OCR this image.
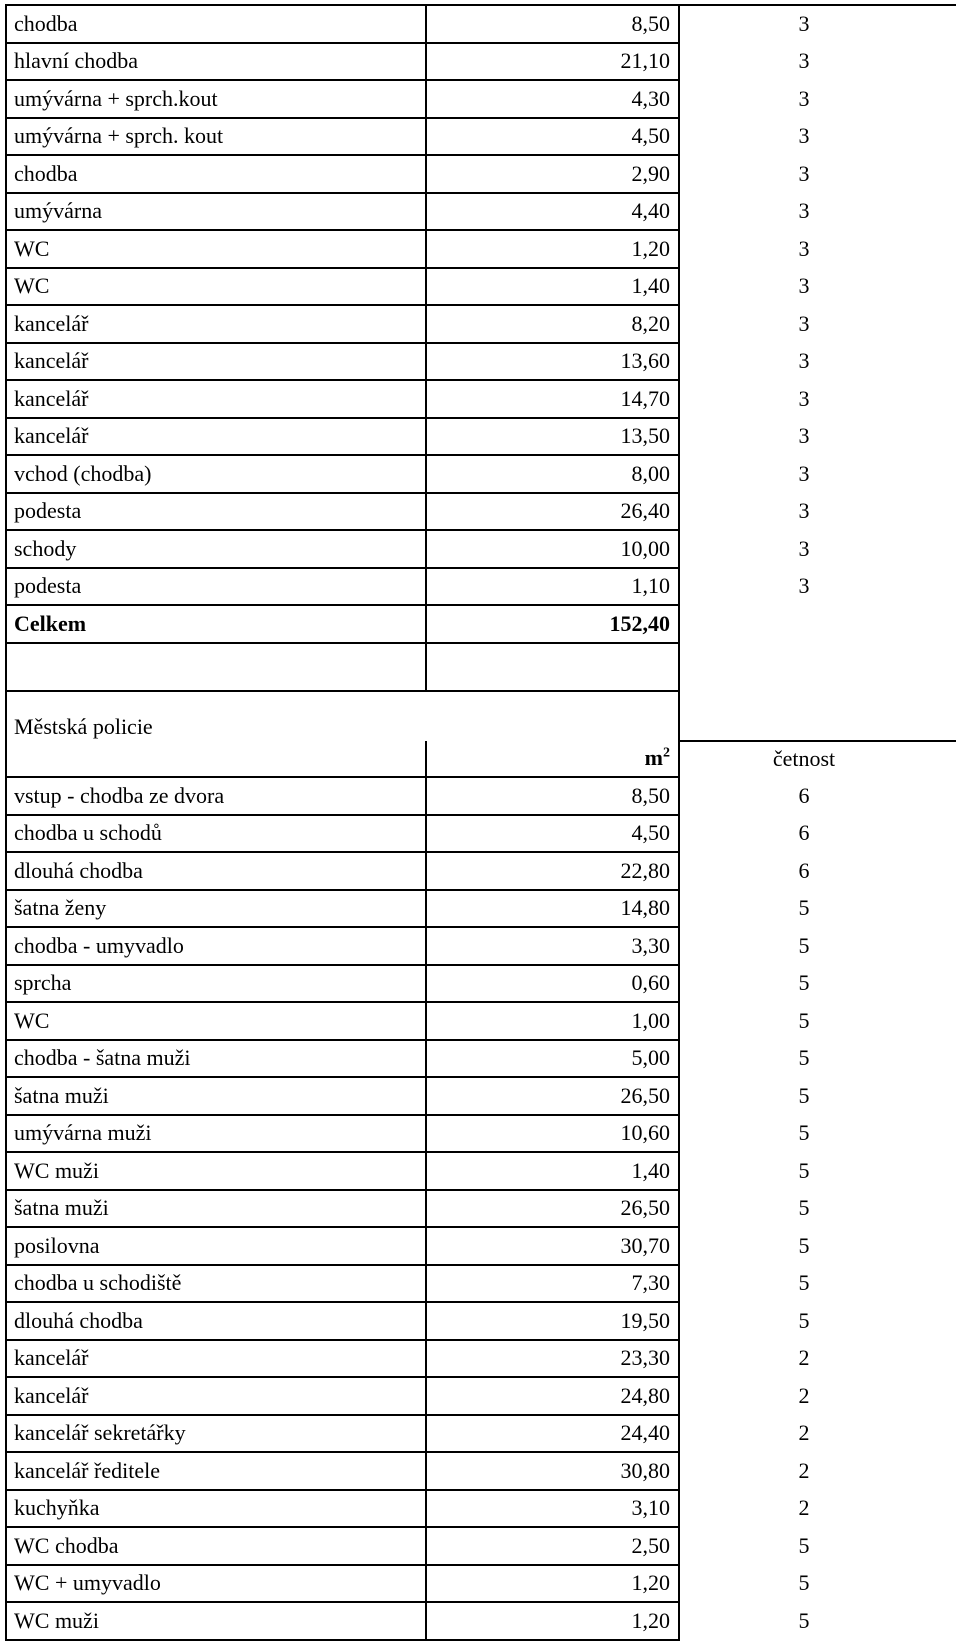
chodba	8,50	3
hlavní chodba	21,10	3
umývárna + sprch.kout	4,30	3
umývárna + sprch. kout	4,50	3
chodba	2,90	3
umývárna	4,40	3
WC	1,20	3
WC	1,40	3
kancelář	8,20	3
kancelář	13,60	3
kancelář	14,70	3
kancelář	13,50	3
vchod (chodba)	8,00	3
podesta	26,40	3
schody	10,00	3
podesta	1,10	3
Celkem	152,40	

Městská policie		
	$m^2$	četnost
vstup - chodba ze dvora	8,50	6
chodba u schodů	4,50	6
dlouhá chodba	22,80	6
šatna ženy	14,80	5
chodba - umyvadlo	3,30	5
sprcha	0,60	5
WC	1,00	5
chodba - šatna muži	5,00	5
šatna muži	26,50	5
umývárna muži	10,60	5
WC muži	1,40	5
šatna muži	26,50	5
posilovna	30,70	5
chodba u schodiště	7,30	5
dlouhá chodba	19,50	5
kancelář	23,30	2
kancelář	24,80	2
kancelář sekretářky	24,40	2
kancelář ředitele	30,80	2
kuchyňka	3,10	2
WC chodba	2,50	5
WC + umyvadlo	1,20	5
WC muži	1,20	5
